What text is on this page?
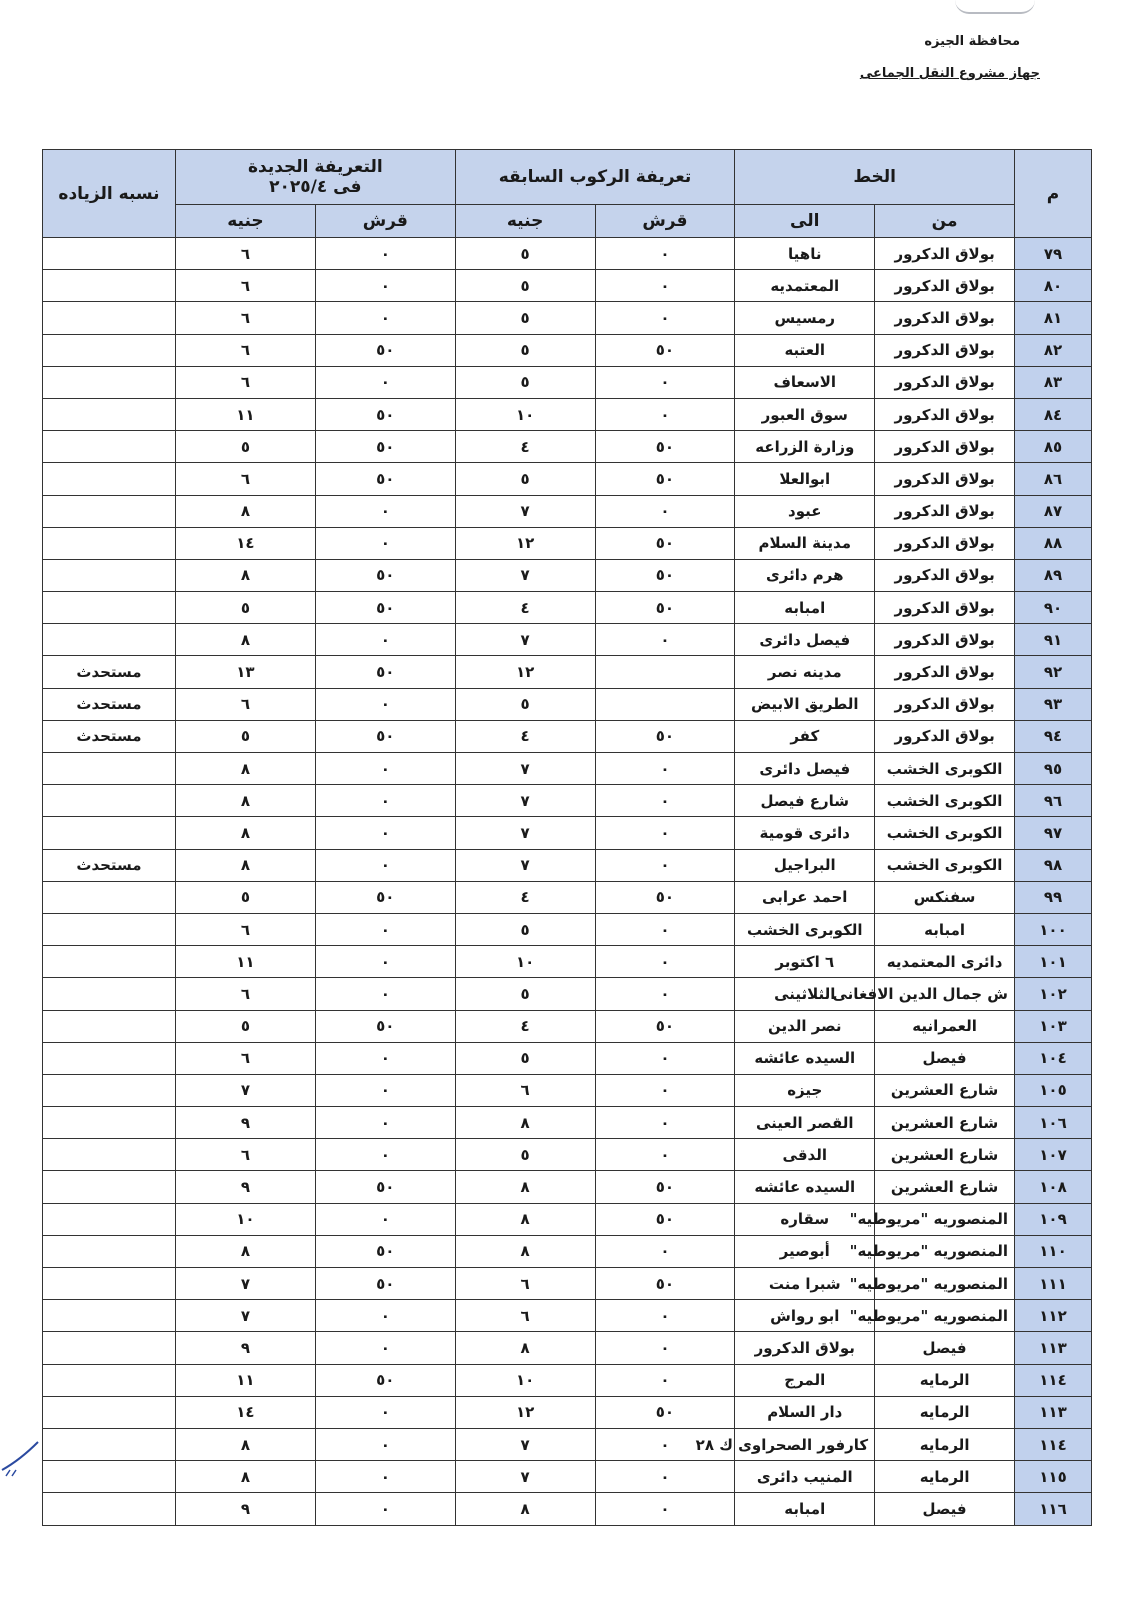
محافظة الجيزه
جهاز مشروع النقل الجماعى
م	الخط		تعريفة الركوب السابقه		التعريفة الجديدة
فى ٢٠٢٥/٤		نسبه الزياده
	من	الى	قرش	جنيه	قرش	جنيه	
٧٩	بولاق الدكرور	ناهيا	٠	٥	٠	٦	
٨٠	بولاق الدكرور	المعتمديه	٠	٥	٠	٦	
٨١	بولاق الدكرور	رمسيس	٠	٥	٠	٦	
٨٢	بولاق الدكرور	العتبه	٥٠	٥	٥٠	٦	
٨٣	بولاق الدكرور	الاسعاف	٠	٥	٠	٦	
٨٤	بولاق الدكرور	سوق العبور	٠	١٠	٥٠	١١	
٨٥	بولاق الدكرور	وزارة الزراعه	٥٠	٤	٥٠	٥	
٨٦	بولاق الدكرور	ابوالعلا	٥٠	٥	٥٠	٦	
٨٧	بولاق الدكرور	عبود	٠	٧	٠	٨	
٨٨	بولاق الدكرور	مدينة السلام	٥٠	١٢	٠	١٤	
٨٩	بولاق الدكرور	هرم دائرى	٥٠	٧	٥٠	٨	
٩٠	بولاق الدكرور	امبابه	٥٠	٤	٥٠	٥	
٩١	بولاق الدكرور	فيصل دائرى	٠	٧	٠	٨	
٩٢	بولاق الدكرور	مدينه نصر		١٢	٥٠	١٣	مستحدث
٩٣	بولاق الدكرور	الطريق الابيض		٥	٠	٦	مستحدث
٩٤	بولاق الدكرور	كفر	٥٠	٤	٥٠	٥	مستحدث
٩٥	الكوبرى الخشب	فيصل دائرى	٠	٧	٠	٨	
٩٦	الكوبرى الخشب	شارع فيصل	٠	٧	٠	٨	
٩٧	الكوبرى الخشب	دائرى قومية	٠	٧	٠	٨	
٩٨	الكوبرى الخشب	البراجيل	٠	٧	٠	٨	مستحدث
٩٩	سفنكس	احمد عرابى	٥٠	٤	٥٠	٥	
١٠٠	امبابه	الكوبرى الخشب	٠	٥	٠	٦	
١٠١	دائرى المعتمديه	٦ اكتوبر	٠	١٠	٠	١١	
١٠٢	ش جمال الدين الافغانى	الثلاثينى	٠	٥	٠	٦	
١٠٣	العمرانيه	نصر الدين	٥٠	٤	٥٠	٥	
١٠٤	فيصل	السيده عائشه	٠	٥	٠	٦	
١٠٥	شارع العشرين	جيزه	٠	٦	٠	٧	
١٠٦	شارع العشرين	القصر العينى	٠	٨	٠	٩	
١٠٧	شارع العشرين	الدقى	٠	٥	٠	٦	
١٠٨	شارع العشرين	السيده عائشه	٥٠	٨	٥٠	٩	
١٠٩	المنصوريه "مريوطيه"	سقاره	٥٠	٨	٠	١٠	
١١٠	المنصوريه "مريوطيه"	أبوصير	٠	٨	٥٠	٨	
١١١	المنصوريه "مريوطيه"	شبرا منت	٥٠	٦	٥٠	٧	
١١٢	المنصوريه "مريوطيه"	ابو رواش	٠	٦	٠	٧	
١١٣	فيصل	بولاق الدكرور	٠	٨	٠	٩	
١١٤	الرمايه	المرج	٠	١٠	٥٠	١١	
١١٣	الرمايه	دار السلام	٥٠	١٢	٠	١٤	
١١٤	الرمايه	كارفور الصحراوى ك ٢٨	٠	٧	٠	٨	
١١٥	الرمايه	المنيب دائرى	٠	٧	٠	٨	
١١٦	فيصل	امبابه	٠	٨	٠	٩	
